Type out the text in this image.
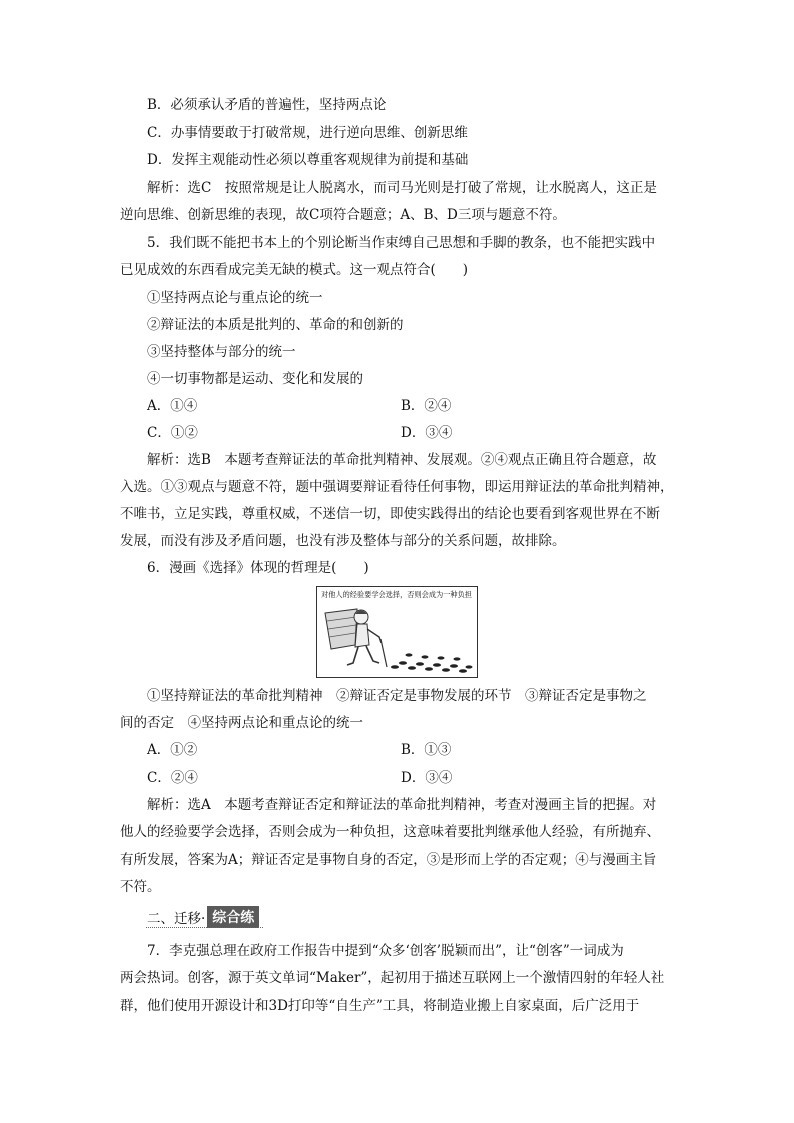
B．必须承认矛盾的普遍性，坚持两点论
C．办事情要敢于打破常规，进行逆向思维、创新思维
D．发挥主观能动性必须以尊重客观规律为前提和基础
解析：选C　按照常规是让人脱离水，而司马光则是打破了常规，让水脱离人，这正是
逆向思维、创新思维的表现，故C项符合题意；A、B、D三项与题意不符。
5．我们既不能把书本上的个别论断当作束缚自己思想和手脚的教条，也不能把实践中
已见成效的东西看成完美无缺的模式。这一观点符合(　　)
①坚持两点论与重点论的统一
②辩证法的本质是批判的、革命的和创新的
③坚持整体与部分的统一
④一切事物都是运动、变化和发展的
A．①④	B．②④
C．①②	D．③④
解析：选B　本题考查辩证法的革命批判精神、发展观。②④观点正确且符合题意，故
入选。①③观点与题意不符，题中强调要辩证看待任何事物，即运用辩证法的革命批判精神，
不唯书，立足实践，尊重权威，不迷信一切，即使实践得出的结论也要看到客观世界在不断
发展，而没有涉及矛盾问题，也没有涉及整体与部分的关系问题，故排除。
6．漫画《选择》体现的哲理是(　　)
对他人的经验要学会选择，否则会成为一种负担
①坚持辩证法的革命批判精神　②辩证否定是事物发展的环节　③辩证否定是事物之
间的否定　④坚持两点论和重点论的统一
A．①②	B．①③
C．②④	D．③④
解析：选A　本题考查辩证否定和辩证法的革命批判精神，考查对漫画主旨的把握。对
他人的经验要学会选择，否则会成为一种负担，这意味着要批判继承他人经验，有所抛弃、
有所发展，答案为A；辩证否定是事物自身的否定，③是形而上学的否定观；④与漫画主旨
不符。
二、迁移· 综合练
7．李克强总理在政府工作报告中提到“众多‘创客’脱颖而出”，让“创客”一词成为
两会热词。创客，源于英文单词“Maker”，起初用于描述互联网上一个激情四射的年轻人社
群，他们使用开源设计和3D打印等“自生产”工具，将制造业搬上自家桌面，后广泛用于
